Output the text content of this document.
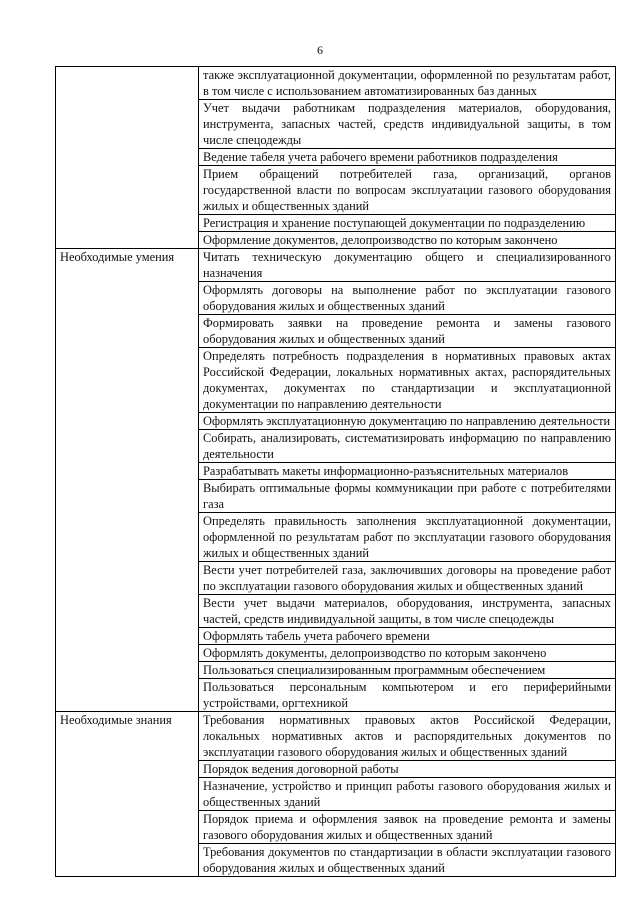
6
	также эксплуатационной документации, оформленной по результатам работ, в том числе с использованием автоматизированных баз данных
	Учет выдачи работникам подразделения материалов, оборудования, инструмента, запасных частей, средств индивидуальной защиты, в том числе спецодежды
	Ведение табеля учета рабочего времени работников подразделения
	Прием обращений потребителей газа, организаций, органов государственной власти по вопросам эксплуатации газового оборудования жилых и общественных зданий
	Регистрация и хранение поступающей документации по подразделению
	Оформление документов, делопроизводство по которым закончено
Необходимые умения	Читать техническую документацию общего и специализированного назначения
	Оформлять договоры на выполнение работ по эксплуатации газового оборудования жилых и общественных зданий
	Формировать заявки на проведение ремонта и замены газового оборудования жилых и общественных зданий
	Определять потребность подразделения в нормативных правовых актах Российской Федерации, локальных нормативных актах, распорядительных документах, документах по стандартизации и эксплуатационной документации по направлению деятельности
	Оформлять эксплуатационную документацию по направлению деятельности
	Собирать, анализировать, систематизировать информацию по направлению деятельности
	Разрабатывать макеты информационно-разъяснительных материалов
	Выбирать оптимальные формы коммуникации при работе с потребителями газа
	Определять правильность заполнения эксплуатационной документации, оформленной по результатам работ по эксплуатации газового оборудования жилых и общественных зданий
	Вести учет потребителей газа, заключивших договоры на проведение работ по эксплуатации газового оборудования жилых и общественных зданий
	Вести учет выдачи материалов, оборудования, инструмента, запасных частей, средств индивидуальной защиты, в том числе спецодежды
	Оформлять табель учета рабочего времени
	Оформлять документы, делопроизводство по которым закончено
	Пользоваться специализированным программным обеспечением
	Пользоваться персональным компьютером и его периферийными устройствами, оргтехникой
Необходимые знания	Требования нормативных правовых актов Российской Федерации, локальных нормативных актов и распорядительных документов по эксплуатации газового оборудования жилых и общественных зданий
	Порядок ведения договорной работы
	Назначение, устройство и принцип работы газового оборудования жилых и общественных зданий
	Порядок приема и оформления заявок на проведение ремонта и замены газового оборудования жилых и общественных зданий
	Требования документов по стандартизации в области эксплуатации газового оборудования жилых и общественных зданий
